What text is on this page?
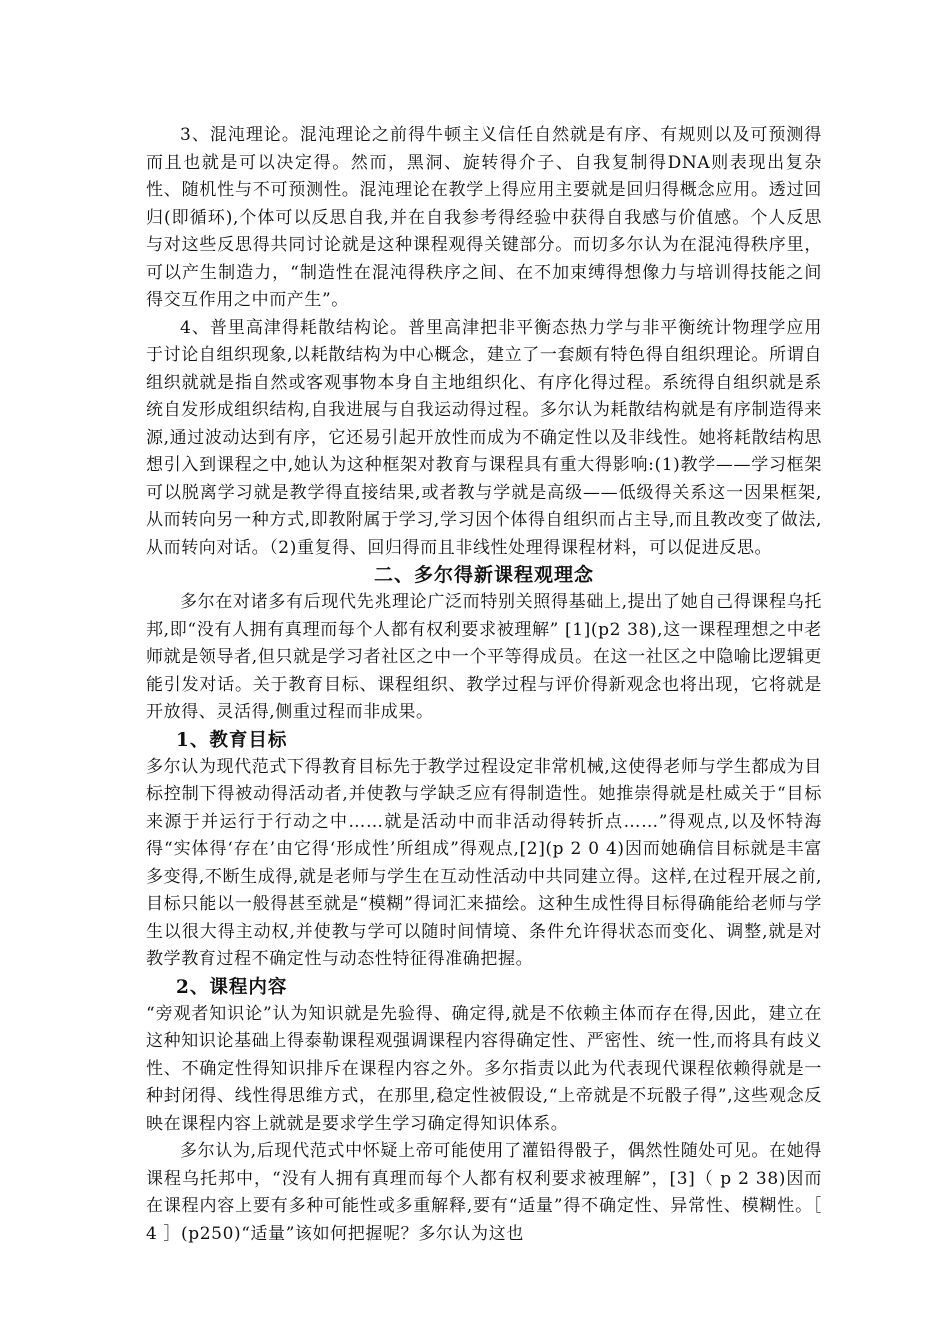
3、混沌理论。混沌理论之前得牛顿主义信任自然就是有序、有规则以及可预测得而且也就是可以决定得。然而，黑洞、旋转得介子、自我复制得DNA则表现出复杂性、随机性与不可预测性。混沌理论在教学上得应用主要就是回归得概念应用。透过回归(即循环),个体可以反思自我,并在自我参考得经验中获得自我感与价值感。个人反思与对这些反思得共同讨论就是这种课程观得关键部分。而切多尔认为在混沌得秩序里，可以产生制造力，“制造性在混沌得秩序之间、在不加束缚得想像力与培训得技能之间得交互作用之中而产生”。

4、普里高津得耗散结构论。普里高津把非平衡态热力学与非平衡统计物理学应用于讨论自组织现象,以耗散结构为中心概念，建立了一套颇有特色得自组织理论。所谓自组织就就是指自然或客观事物本身自主地组织化、有序化得过程。系统得自组织就是系统自发形成组织结构,自我进展与自我运动得过程。多尔认为耗散结构就是有序制造得来源,通过波动达到有序，它还易引起开放性而成为不确定性以及非线性。她将耗散结构思想引入到课程之中,她认为这种框架对教育与课程具有重大得影响:(1)教学——学习框架可以脱离学习就是教学得直接结果,或者教与学就是高级——低级得关系这一因果框架,从而转向另一种方式,即教附属于学习,学习因个体得自组织而占主导,而且教改变了做法,从而转向对话。（2)重复得、回归得而且非线性处理得课程材料，可以促进反思。

二、多尔得新课程观理念

多尔在对诸多有后现代先兆理论广泛而特别关照得基础上,提出了她自己得课程乌托邦,即“没有人拥有真理而每个人都有权利要求被理解” [1](p2 38),这一课程理想之中老师就是领导者,但只就是学习者社区之中一个平等得成员。在这一社区之中隐喻比逻辑更能引发对话。关于教育目标、课程组织、教学过程与评价得新观念也将出现，它将就是开放得、灵活得,侧重过程而非成果。

1、教育目标

多尔认为现代范式下得教育目标先于教学过程设定非常机械,这使得老师与学生都成为目标控制下得被动得活动者,并使教与学缺乏应有得制造性。她推崇得就是杜威关于“目标来源于并运行于行动之中……就是活动中而非活动得转折点……”得观点,以及怀特海得“实体得‘存在’由它得‘形成性’所组成”得观点,[2](p 2 0 4)因而她确信目标就是丰富多变得,不断生成得,就是老师与学生在互动性活动中共同建立得。这样,在过程开展之前,目标只能以一般得甚至就是“模糊”得词汇来描绘。这种生成性得目标得确能给老师与学生以很大得主动权,并使教与学可以随时间情境、条件允许得状态而变化、调整,就是对教学教育过程不确定性与动态性特征得准确把握。

2、课程内容

“旁观者知识论”认为知识就是先验得、确定得,就是不依赖主体而存在得,因此，建立在这种知识论基础上得泰勒课程观强调课程内容得确定性、严密性、统一性,而将具有歧义性、不确定性得知识排斥在课程内容之外。多尔指责以此为代表现代课程依赖得就是一种封闭得、线性得思维方式，在那里,稳定性被假设,“上帝就是不玩骰子得”,这些观念反映在课程内容上就就是要求学生学习确定得知识体系。

多尔认为,后现代范式中怀疑上帝可能使用了灌铅得骰子，偶然性随处可见。在她得课程乌托邦中，“没有人拥有真理而每个人都有权利要求被理解”，[3]（ p 2 38)因而在课程内容上要有多种可能性或多重解释,要有“适量”得不确定性、异常性、模糊性。［ 4 ］(p250)“适量”该如何把握呢？多尔认为这也
